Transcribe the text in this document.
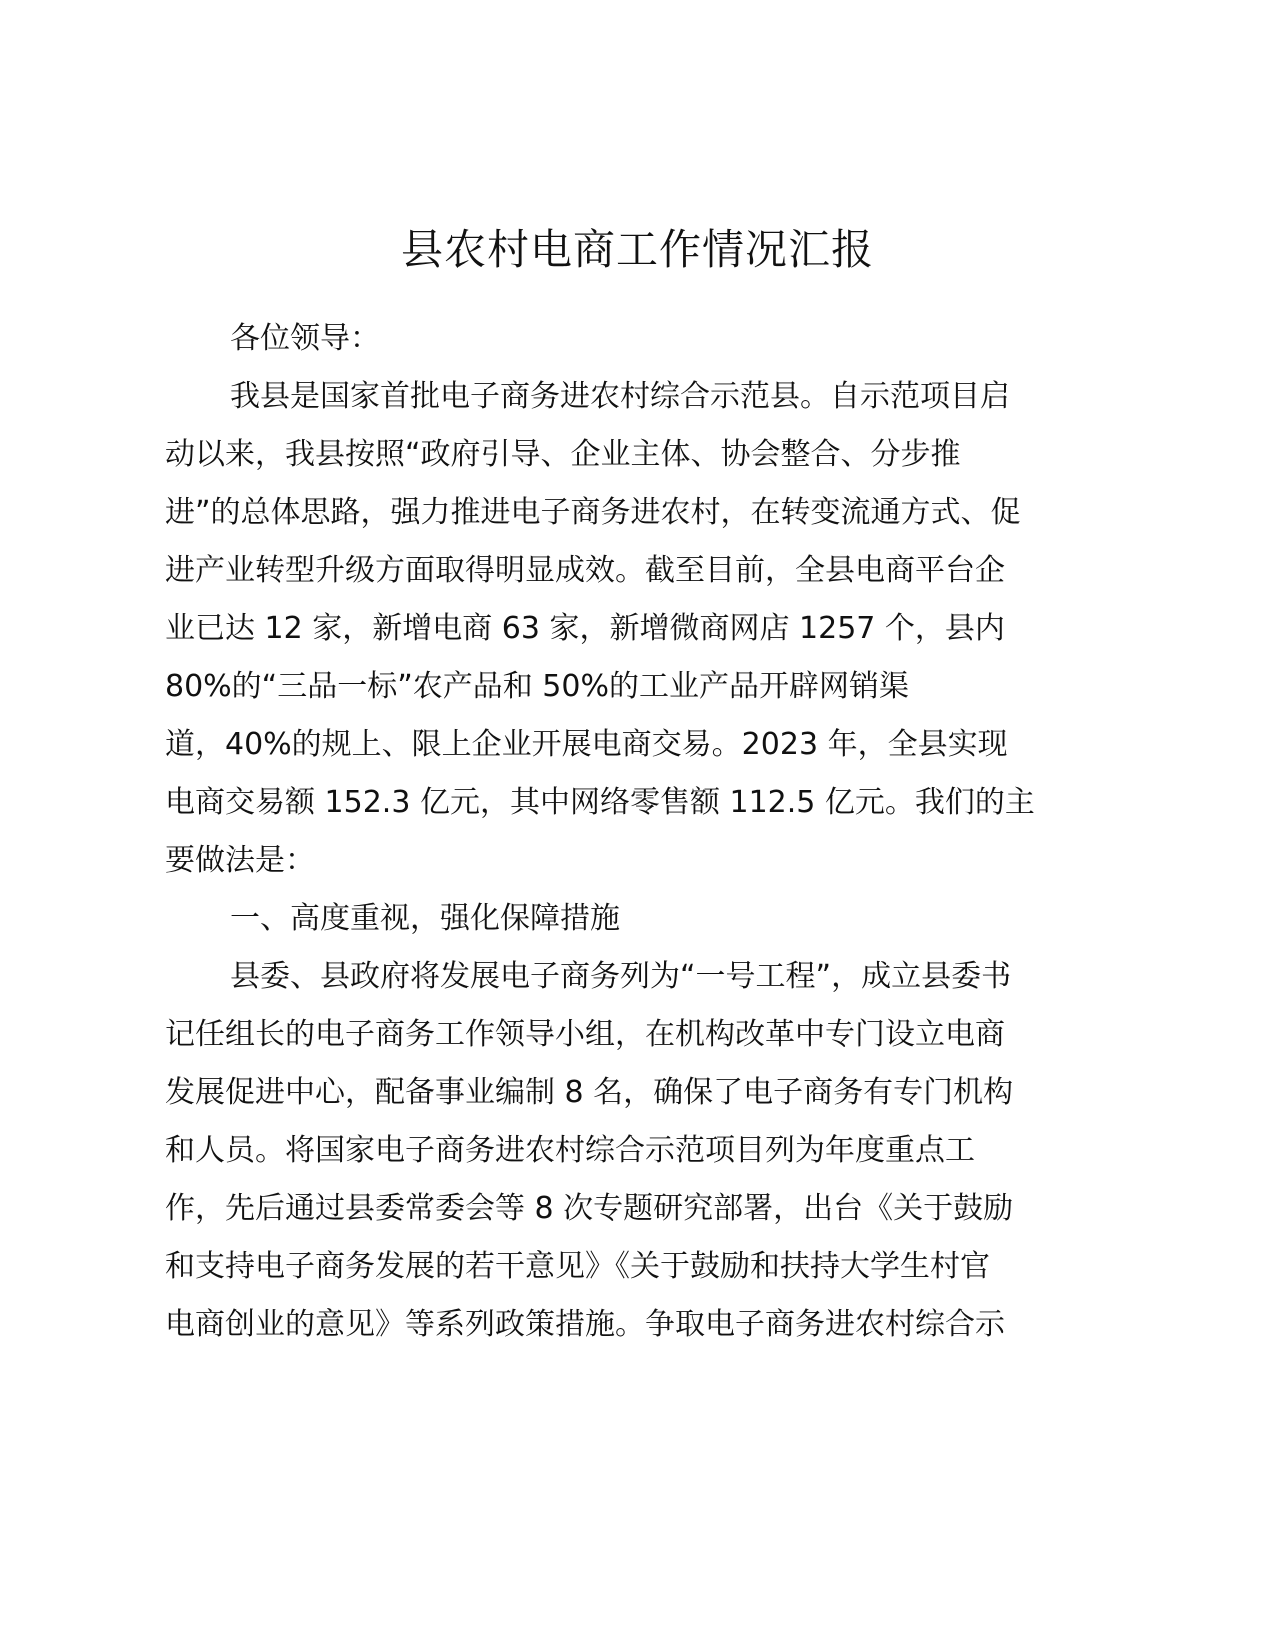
县农村电商工作情况汇报
各位领导：
我县是国家首批电子商务进农村综合示范县。自示范项目启
动以来，我县按照“政府引导、企业主体、协会整合、分步推
进”的总体思路，强力推进电子商务进农村，在转变流通方式、促
进产业转型升级方面取得明显成效。截至目前，全县电商平台企
业已达 12 家，新增电商 63 家，新增微商网店 1257 个，县内
80%的“三品一标”农产品和 50%的工业产品开辟网销渠
道，40%的规上、限上企业开展电商交易。2023 年，全县实现
电商交易额 152.3 亿元，其中网络零售额 112.5 亿元。我们的主
要做法是：
一、高度重视，强化保障措施
县委、县政府将发展电子商务列为“一号工程”，成立县委书
记任组长的电子商务工作领导小组，在机构改革中专门设立电商
发展促进中心，配备事业编制 8 名，确保了电子商务有专门机构
和人员。将国家电子商务进农村综合示范项目列为年度重点工
作，先后通过县委常委会等 8 次专题研究部署，出台《关于鼓励
和支持电子商务发展的若干意见》《关于鼓励和扶持大学生村官
电商创业的意见》等系列政策措施。争取电子商务进农村综合示
